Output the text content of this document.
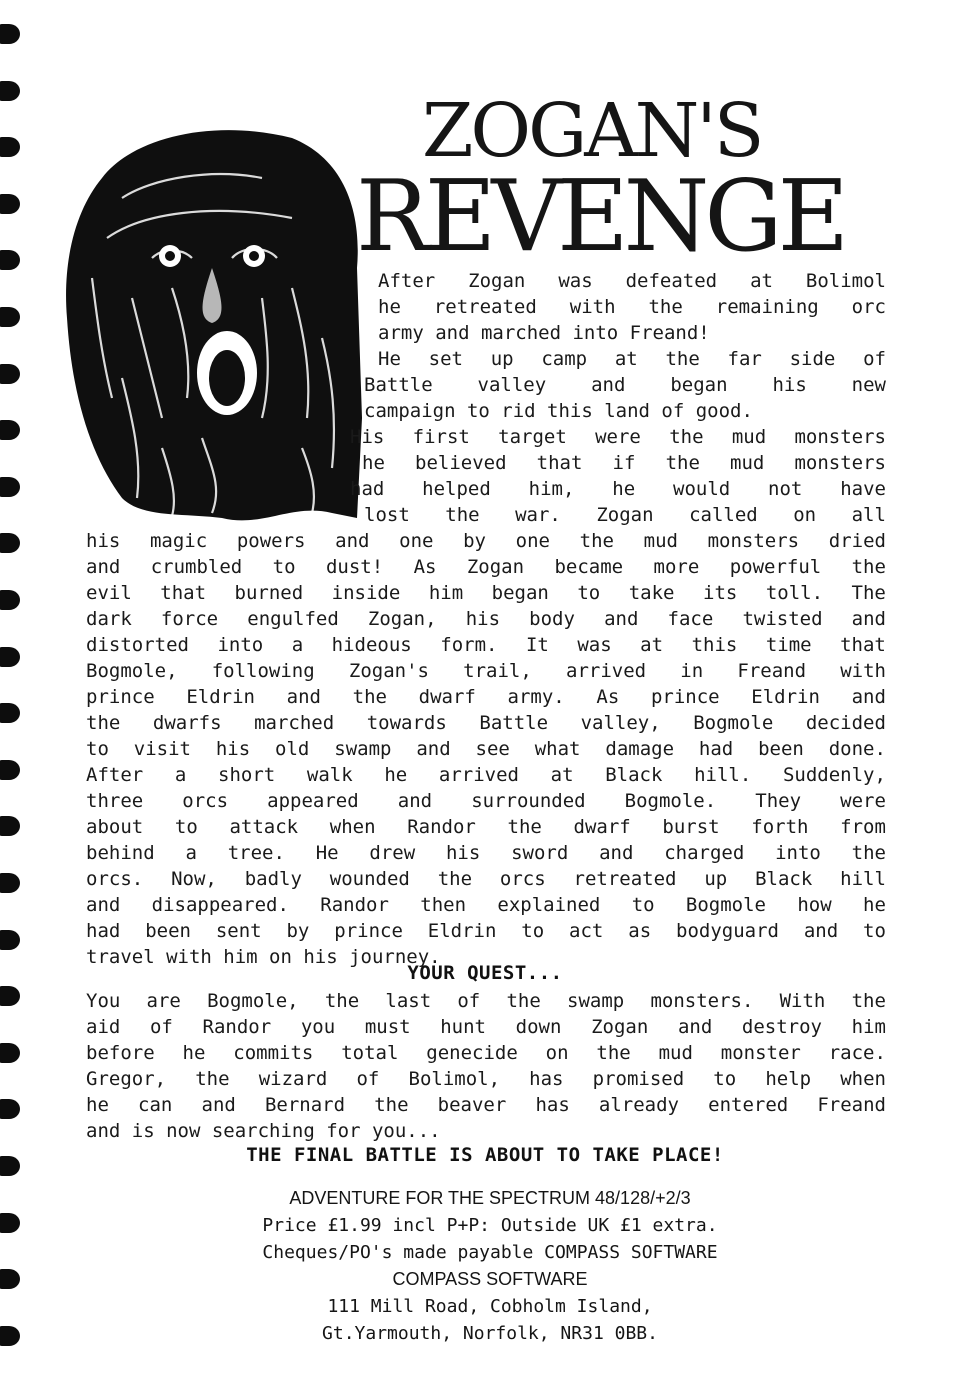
ZOGAN'S
REVENGE
After Zogan was defeated at Bolimol
he retreated with the remaining orc
army and marched into Freand!
He set up camp at the far side of
Battle valley and began his new
campaign to rid this land of good.
His first target were the mud monsters
he believed that if the mud monsters
had helped him, he would not have
lost the war. Zogan called on all
his magic powers and one by one the mud monsters dried
and crumbled to dust! As Zogan became more powerful the
evil that burned inside him began to take its toll. The
dark force engulfed Zogan, his body and face twisted and
distorted into a hideous form. It was at this time that
Bogmole, following Zogan's trail, arrived in Freand with
prince Eldrin and the dwarf army. As prince Eldrin and
the dwarfs marched towards Battle valley, Bogmole decided
to visit his old swamp and see what damage had been done.
After a short walk he arrived at Black hill. Suddenly,
three orcs appeared and surrounded Bogmole. They were
about to attack when Randor the dwarf burst forth from
behind a tree. He drew his sword and charged into the
orcs. Now, badly wounded the orcs retreated up Black hill
and disappeared. Randor then explained to Bogmole how he
had been sent by prince Eldrin to act as bodyguard and to
travel with him on his journey.
YOUR QUEST...
You are Bogmole, the last of the swamp monsters. With the
aid of Randor you must hunt down Zogan and destroy him
before he commits total genecide on the mud monster race.
Gregor, the wizard of Bolimol, has promised to help when
he can and Bernard the beaver has already entered Freand
and is now searching for you...
THE FINAL BATTLE IS ABOUT TO TAKE PLACE!
ADVENTURE FOR THE SPECTRUM 48/128/+2/3
Price £1.99 incl P+P: Outside UK £1 extra.
Cheques/PO's made payable COMPASS SOFTWARE
COMPASS SOFTWARE
111 Mill Road, Cobholm Island,
Gt.Yarmouth, Norfolk, NR31 0BB.
